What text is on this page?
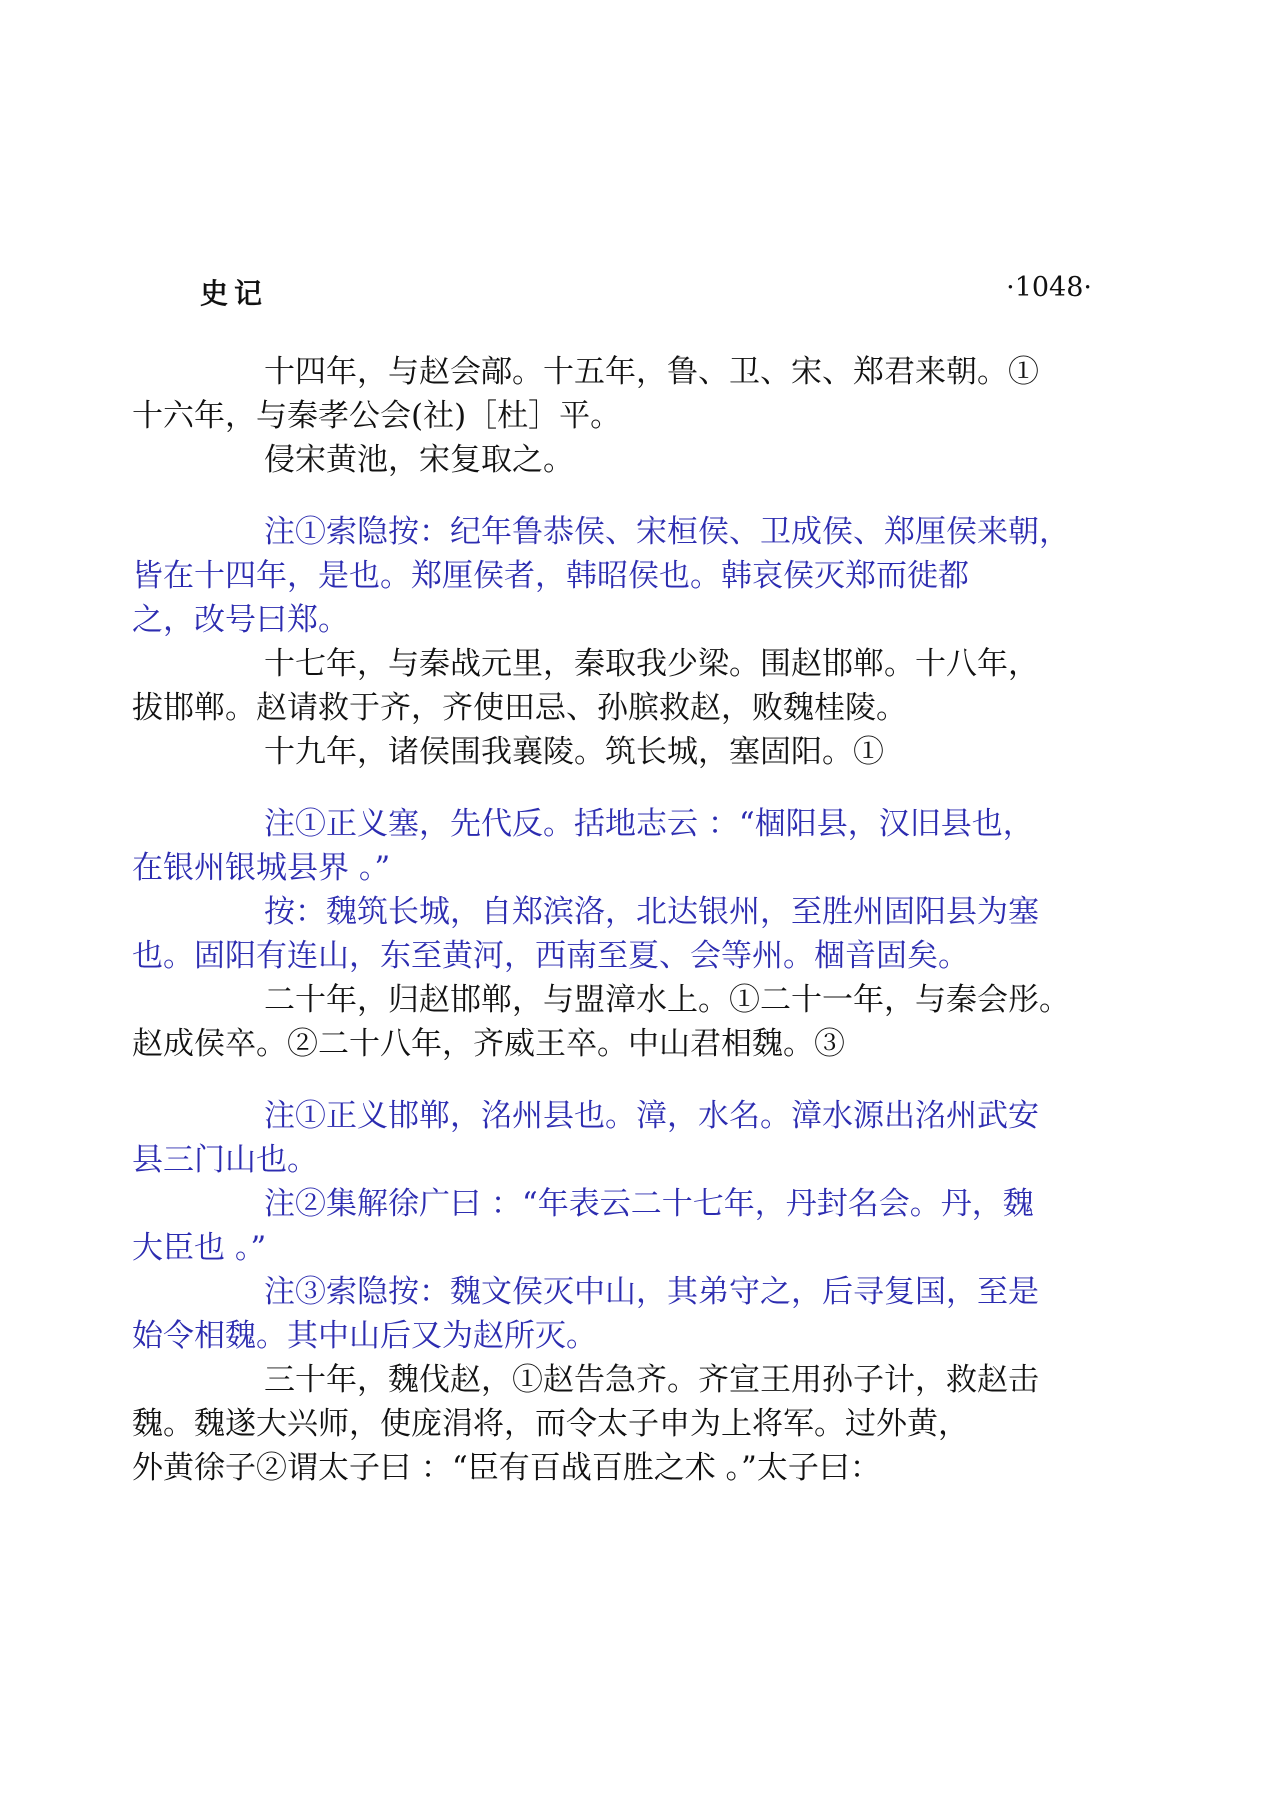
史记	·1048·

十四年，与赵会鄗。十五年，鲁、卫、宋、郑君来朝。①
十六年，与秦孝公会(社)［杜］平。

侵宋黄池，宋复取之。

注①索隐按：纪年鲁恭侯、宋桓侯、卫成侯、郑厘侯来朝，
皆在十四年，是也。郑厘侯者，韩昭侯也。韩哀侯灭郑而徙都
之，改号曰郑。

十七年，与秦战元里，秦取我少梁。围赵邯郸。十八年，
拔邯郸。赵请救于齐，齐使田忌、孙膑救赵，败魏桂陵。

十九年，诸侯围我襄陵。筑长城，塞固阳。①

注①正义塞，先代反。括地志云 ：“棝阳县，汉旧县也，
在银州银城县界 。”

按：魏筑长城，自郑滨洛，北达银州，至胜州固阳县为塞
也。固阳有连山，东至黄河，西南至夏、会等州。棝音固矣。

二十年，归赵邯郸，与盟漳水上。①二十一年，与秦会彤。
赵成侯卒。②二十八年，齐威王卒。中山君相魏。③

注①正义邯郸，洺州县也。漳，水名。漳水源出洺州武安
县三门山也。

注②集解徐广曰 ：“年表云二十七年，丹封名会。丹，魏
大臣也 。”

注③索隐按：魏文侯灭中山，其弟守之，后寻复国，至是
始令相魏。其中山后又为赵所灭。

三十年，魏伐赵，①赵告急齐。齐宣王用孙子计，救赵击
魏。魏遂大兴师，使庞涓将，而令太子申为上将军。过外黄，
外黄徐子②谓太子曰 ：“臣有百战百胜之术 。”太子曰：
